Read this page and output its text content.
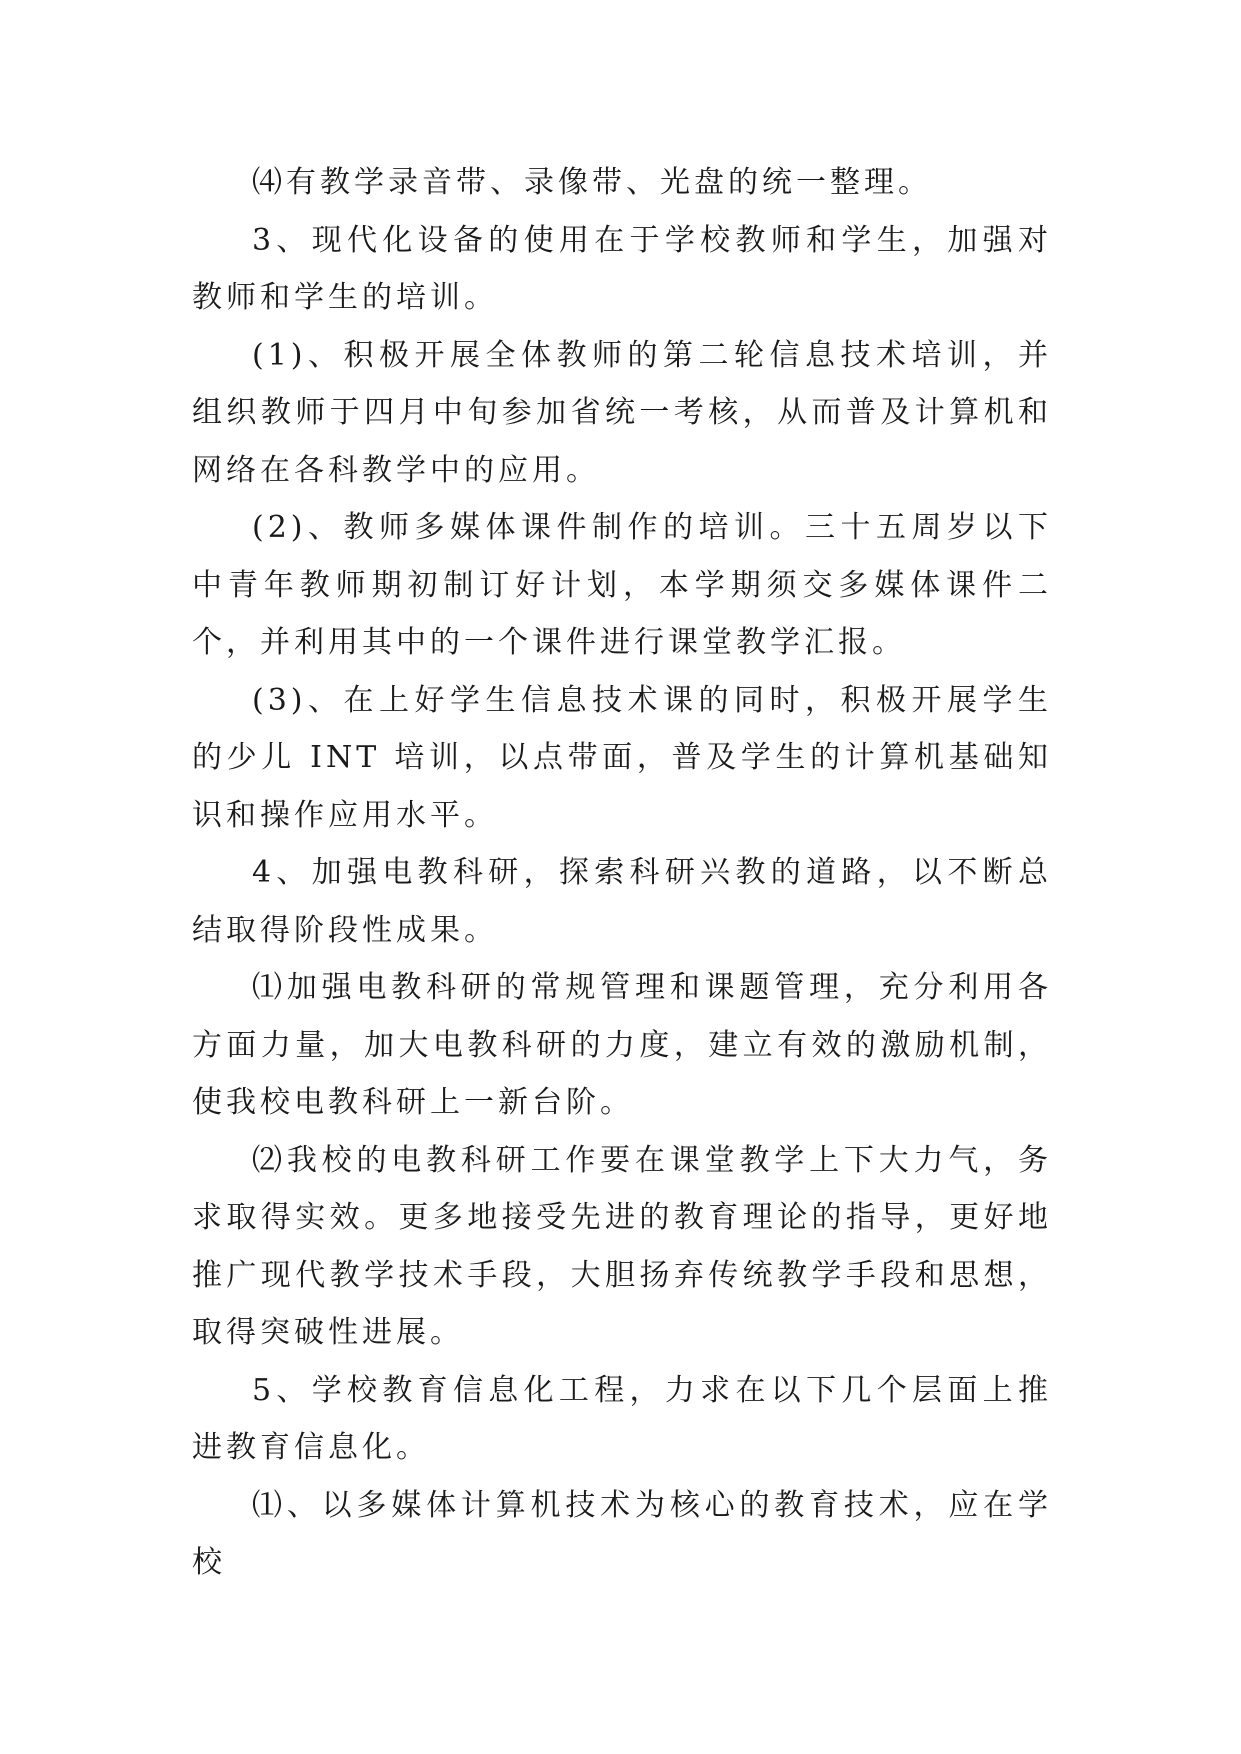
⑷有教学录音带、录像带、光盘的统一整理。

3、现代化设备的使用在于学校教师和学生，加强对教师和学生的培训。

(1)、积极开展全体教师的第二轮信息技术培训，并组织教师于四月中旬参加省统一考核，从而普及计算机和网络在各科教学中的应用。

(2)、教师多媒体课件制作的培训。三十五周岁以下中青年教师期初制订好计划，本学期须交多媒体课件二个，并利用其中的一个课件进行课堂教学汇报。

(3)、在上好学生信息技术课的同时，积极开展学生的少儿 INT 培训，以点带面，普及学生的计算机基础知识和操作应用水平。

4、加强电教科研，探索科研兴教的道路，以不断总结取得阶段性成果。

⑴加强电教科研的常规管理和课题管理，充分利用各方面力量，加大电教科研的力度，建立有效的激励机制，使我校电教科研上一新台阶。

⑵我校的电教科研工作要在课堂教学上下大力气，务求取得实效。更多地接受先进的教育理论的指导，更好地推广现代教学技术手段，大胆扬弃传统教学手段和思想，取得突破性进展。

5、学校教育信息化工程，力求在以下几个层面上推进教育信息化。

⑴、以多媒体计算机技术为核心的教育技术，应在学校
